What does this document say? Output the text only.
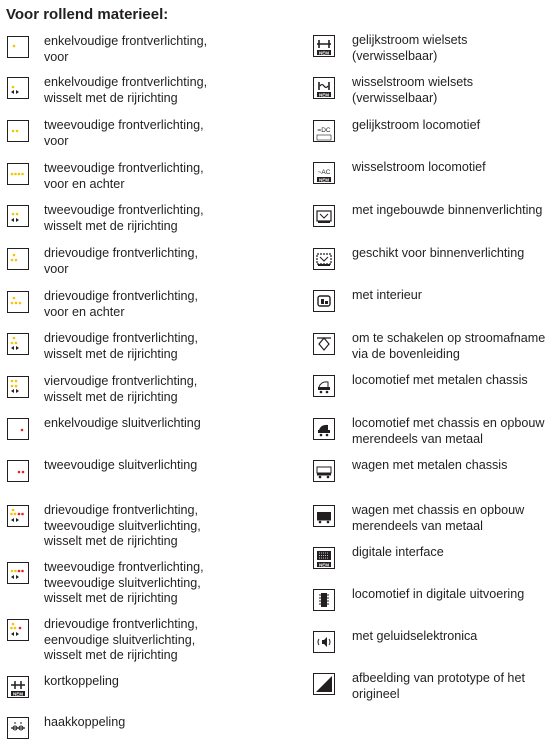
Voor rollend materieel:
enkelvoudige frontverlichting,
voor
enkelvoudige frontverlichting,
wisselt met de rijrichting
tweevoudige frontverlichting,
voor
tweevoudige frontverlichting,
voor en achter
tweevoudige frontverlichting,
wisselt met de rijrichting
drievoudige frontverlichting,
voor
drievoudige frontverlichting,
voor en achter
drievoudige frontverlichting,
wisselt met de rijrichting
viervoudige frontverlichting,
wisselt met de rijrichting
enkelvoudige sluitverlichting
tweevoudige sluitverlichting
drievoudige frontverlichting,
tweevoudige sluitverlichting,
wisselt met de rijrichting
tweevoudige frontverlichting,
tweevoudige sluitverlichting,
wisselt met de rijrichting
drievoudige frontverlichting,
eenvoudige sluitverlichting,
wisselt met de rijrichting
NEM
kortkoppeling
haakkoppeling
NEM
gelijkstroom wielsets
(verwisselbaar)
NEM
wisselstroom wielsets
(verwisselbaar)
=DC
NEM
gelijkstroom locomotief
~AC
NEM
wisselstroom locomotief
met ingebouwde binnenverlichting
geschikt voor binnenverlichting
met interieur
om te schakelen op stroomafname
via de bovenleiding
locomotief met metalen chassis
locomotief met chassis en opbouw
merendeels van metaal
wagen met metalen chassis
wagen met chassis en opbouw
merendeels van metaal
NEM
digitale interface
locomotief in digitale uitvoering
met geluidselektronica
afbeelding van prototype of het
origineel
